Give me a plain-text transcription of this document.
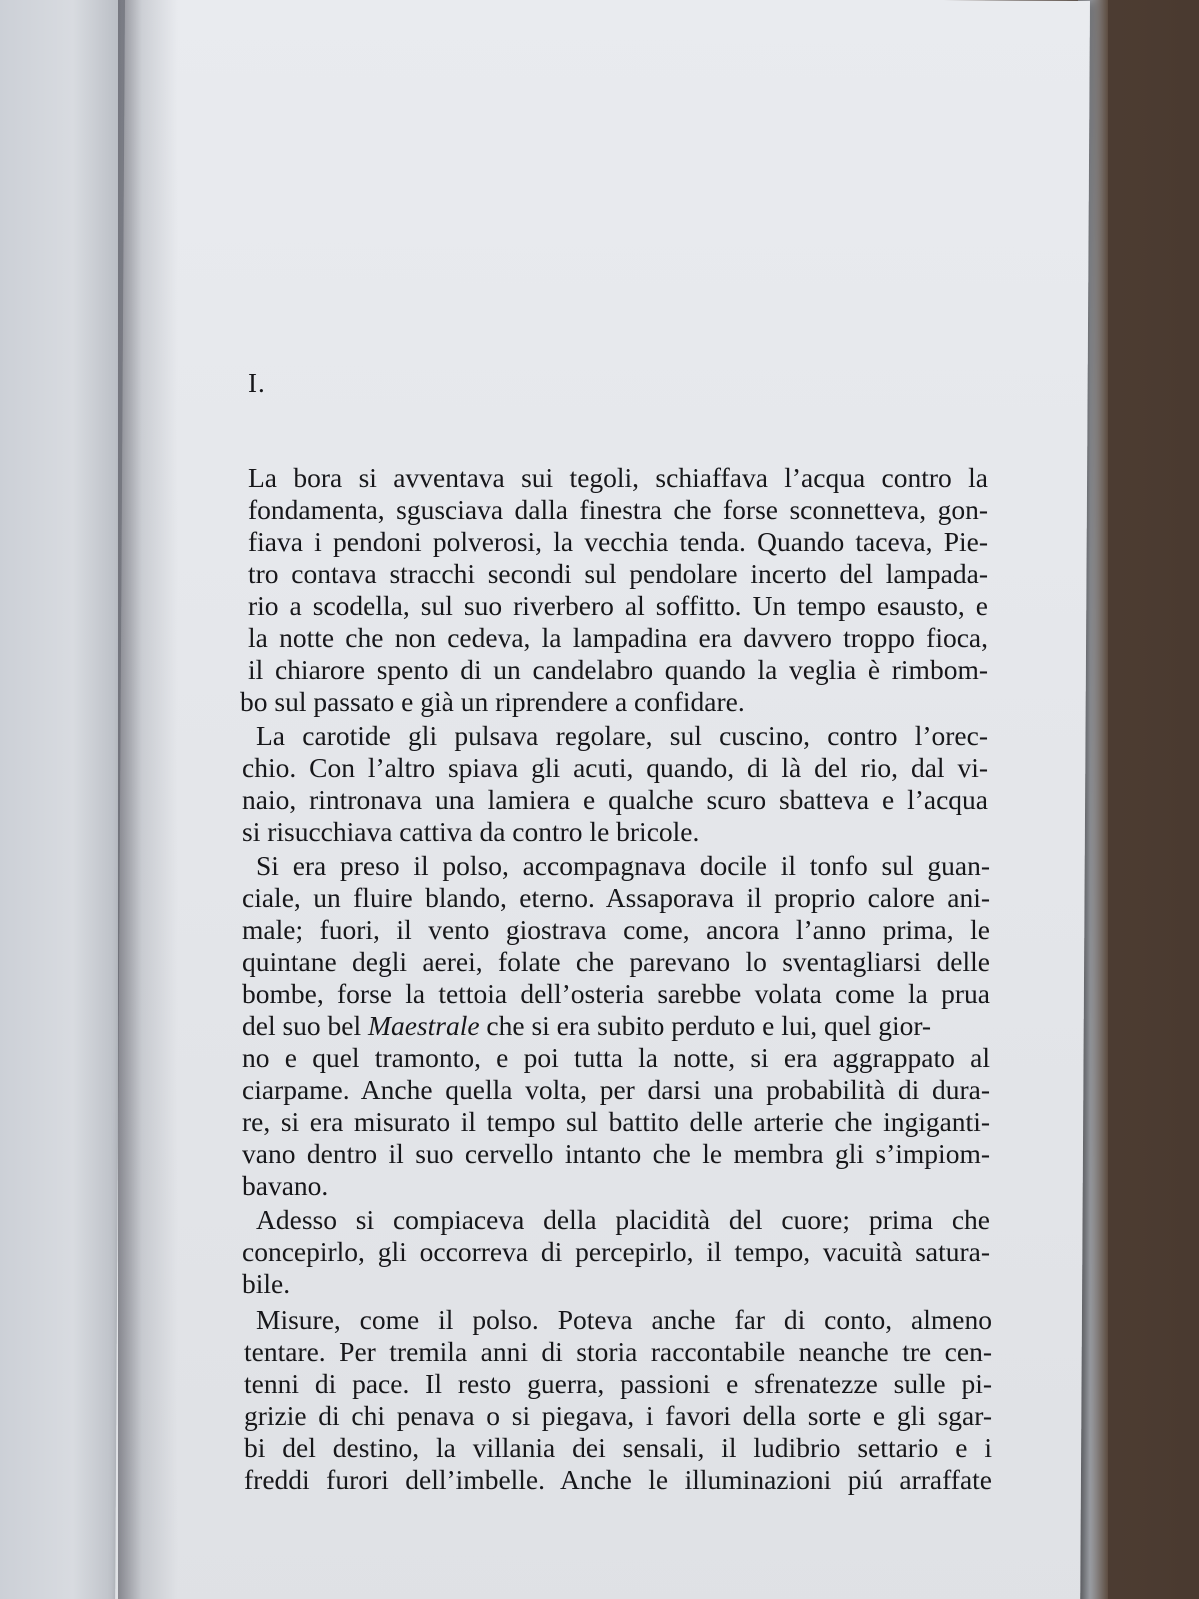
I.
La bora si avventava sui tegoli, schiaffava l’acqua contro la
fondamenta, sgusciava dalla finestra che forse sconnetteva, gon-
fiava i pendoni polverosi, la vecchia tenda. Quando taceva, Pie-
tro contava stracchi secondi sul pendolare incerto del lampada-
rio a scodella, sul suo riverbero al soffitto. Un tempo esausto, e
la notte che non cedeva, la lampadina era davvero troppo fioca,
il chiarore spento di un candelabro quando la veglia è rimbom-
bo sul passato e già un riprendere a confidare.
La carotide gli pulsava regolare, sul cuscino, contro l’orec-
chio. Con l’altro spiava gli acuti, quando, di là del rio, dal vi-
naio, rintronava una lamiera e qualche scuro sbatteva e l’acqua
si risucchiava cattiva da contro le bricole.
Si era preso il polso, accompagnava docile il tonfo sul guan-
ciale, un fluire blando, eterno. Assaporava il proprio calore ani-
male; fuori, il vento giostrava come, ancora l’anno prima, le
quintane degli aerei, folate che parevano lo sventagliarsi delle
bombe, forse la tettoia dell’osteria sarebbe volata come la prua
del suo bel Maestrale che si era subito perduto e lui, quel gior-
no e quel tramonto, e poi tutta la notte, si era aggrappato al
ciarpame. Anche quella volta, per darsi una probabilità di dura-
re, si era misurato il tempo sul battito delle arterie che ingiganti-
vano dentro il suo cervello intanto che le membra gli s’impiom-
bavano.
Adesso si compiaceva della placidità del cuore; prima che
concepirlo, gli occorreva di percepirlo, il tempo, vacuità satura-
bile.
Misure, come il polso. Poteva anche far di conto, almeno
tentare. Per tremila anni di storia raccontabile neanche tre cen-
tenni di pace. Il resto guerra, passioni e sfrenatezze sulle pi-
grizie di chi penava o si piegava, i favori della sorte e gli sgar-
bi del destino, la villania dei sensali, il ludibrio settario e i
freddi furori dell’imbelle. Anche le illuminazioni piú arraffate
